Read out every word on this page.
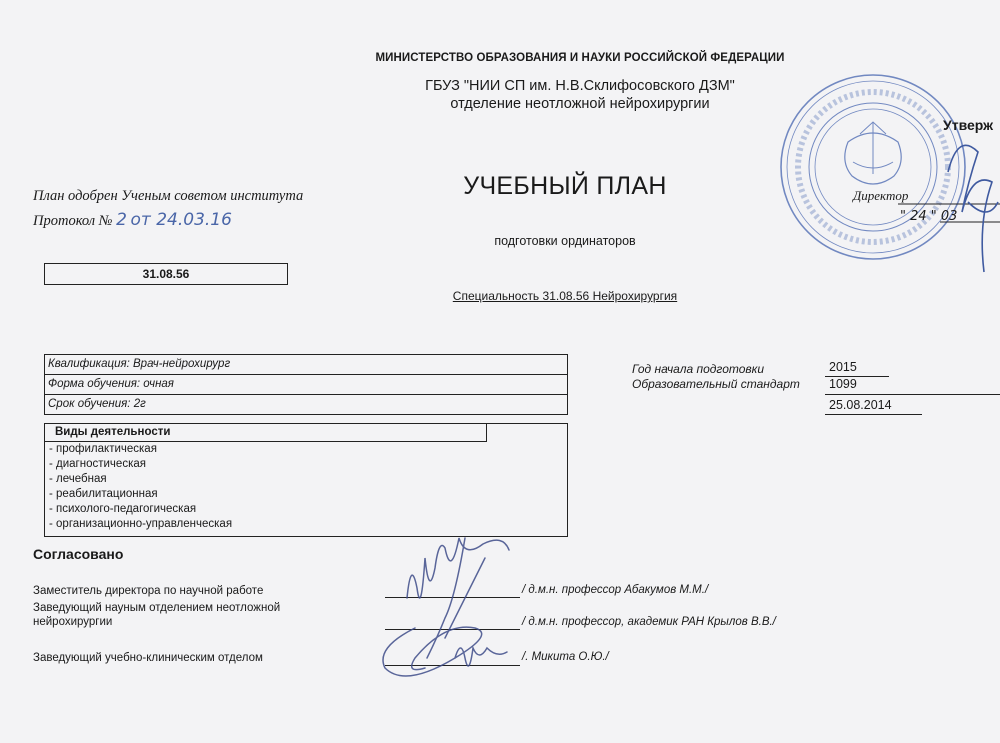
МИНИСТЕРСТВО ОБРАЗОВАНИЯ И НАУКИ РОССИЙСКОЙ ФЕДЕРАЦИИ
ГБУЗ "НИИ СП им. Н.В.Склифосовского ДЗМ"
отделение неотложной нейрохирургии
План одобрен Ученым советом института
Протокол № 2 от 24.03.16
УЧЕБНЫЙ ПЛАН
подготовки ординаторов
31.08.56
Специальность 31.08.56 Нейрохирургия
Утверж
Директор
" 24 " 03
Квалификация: Врач-нейрохирург
Форма обучения: очная
Срок обучения: 2г
Виды деятельности
- профилактическая
- диагностическая
- лечебная
- реабилитационная
- психолого-педагогическая
- организационно-управленческая
Год начала подготовки	2015
Образовательный стандарт 1099
25.08.2014
Согласовано
Заместитель директора по научной работе	/ д.м.н. профессор Абакумов М.М./
Заведующий науным отделением неотложной нейрохирургии	/ д.м.н. профессор, академик РАН Крылов В.В./
Заведующий учебно-клиническим отделом	/. Микита О.Ю./
